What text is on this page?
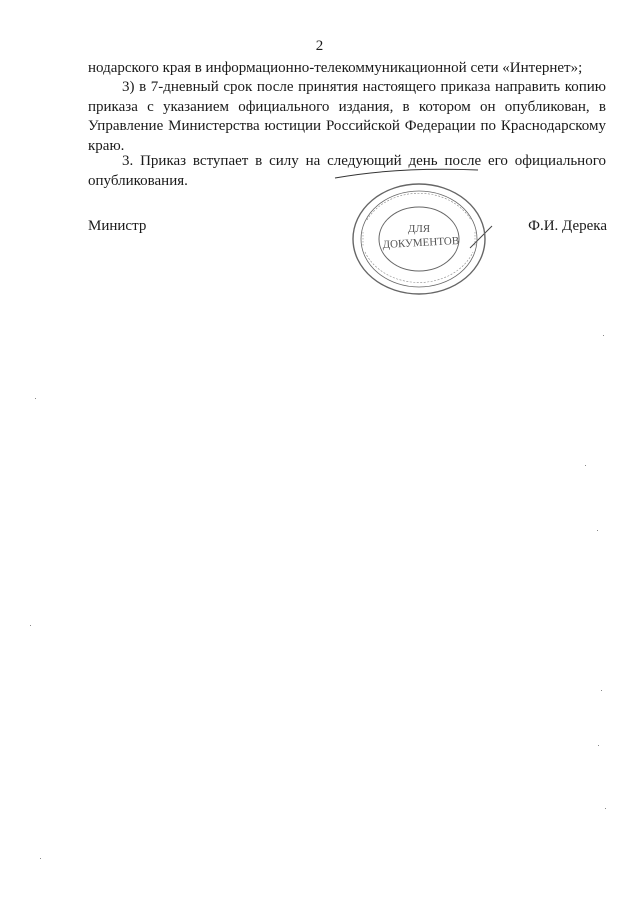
2

нодарского края в информационно-телекоммуникационной сети «Интернет»;

3) в 7-дневный срок после принятия настоящего приказа направить копию приказа с указанием официального издания, в котором он опубликован, в Управление Министерства юстиции Российской Федерации по Краснодарскому краю.

3. Приказ вступает в силу на следующий день после его официального опубликования.

Министр	Ф.И. Дерека
ДЛЯ
ДОКУМЕНТОВ
